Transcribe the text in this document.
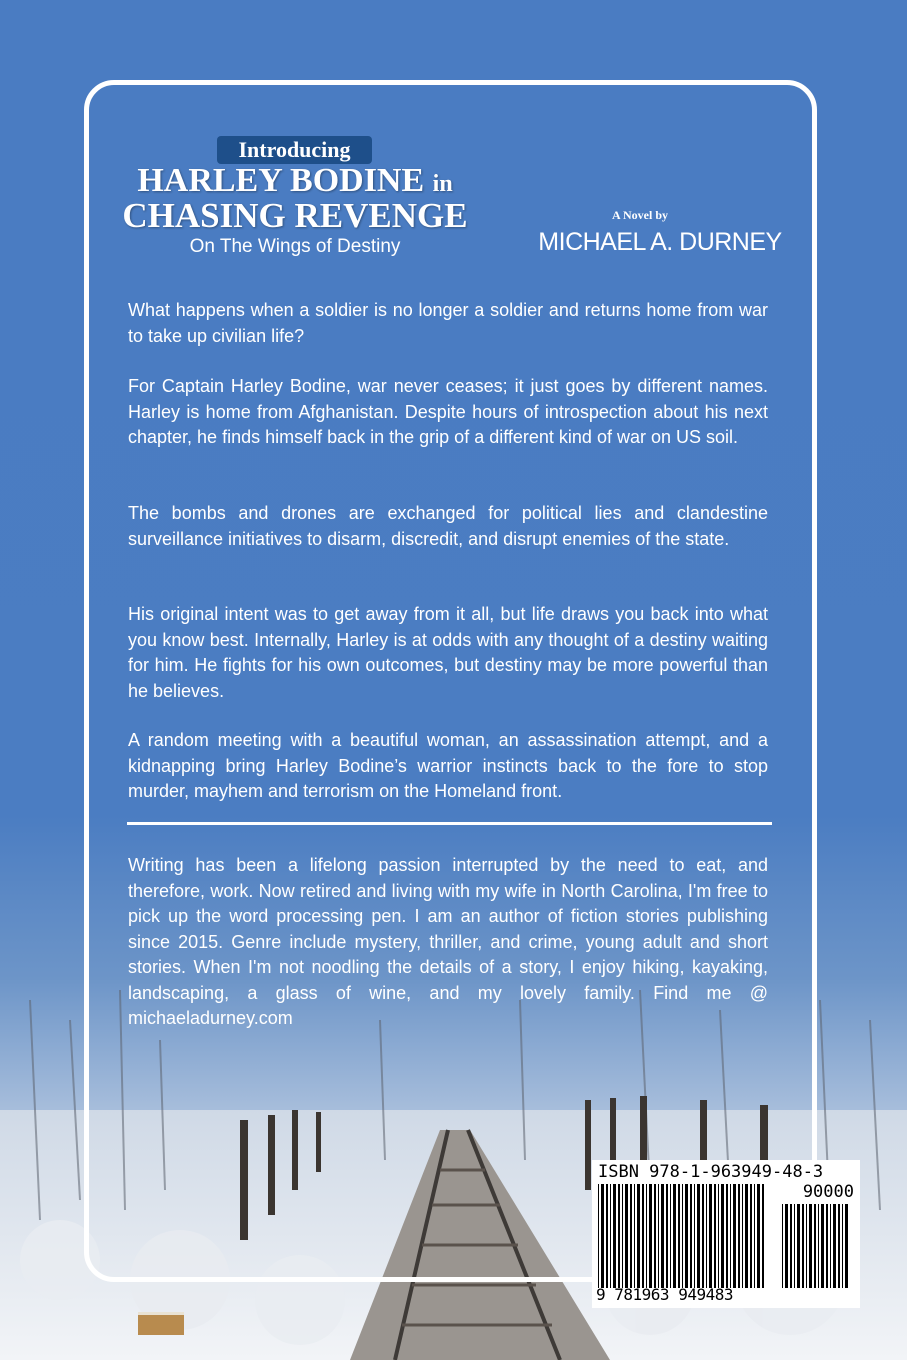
Introducing
HARLEY BODINE in
CHASING REVENGE
On The Wings of Destiny
A Novel by
MICHAEL A. DURNEY

What happens when a soldier is no longer a soldier and returns home from war to take up civilian life?

For Captain Harley Bodine, war never ceases; it just goes by different names. Harley is home from Afghanistan. Despite hours of introspection about his next chapter, he finds himself back in the grip of a different kind of war on US soil.

The bombs and drones are exchanged for political lies and clandestine surveillance initiatives to disarm, discredit, and disrupt enemies of the state.

His original intent was to get away from it all, but life draws you back into what you know best. Internally, Harley is at odds with any thought of a destiny waiting for him. He fights for his own outcomes, but destiny may be more powerful than he believes.

A random meeting with a beautiful woman, an assassination attempt, and a kidnapping bring Harley Bodine’s warrior instincts back to the fore to stop murder, mayhem and terrorism on the Homeland front.

Writing has been a lifelong passion interrupted by the need to eat, and therefore, work. Now retired and living with my wife in North Carolina, I'm free to pick up the word processing pen. I am an author of fiction stories publishing since 2015. Genre include mystery, thriller, and crime, young adult and short stories. When I'm not noodling the details of a story, I enjoy hiking, kayaking, landscaping, a glass of wine, and my lovely family. Find me @ michaeladurney.com

ISBN 978-1-963949-48-3
90000
9 781963 949483
